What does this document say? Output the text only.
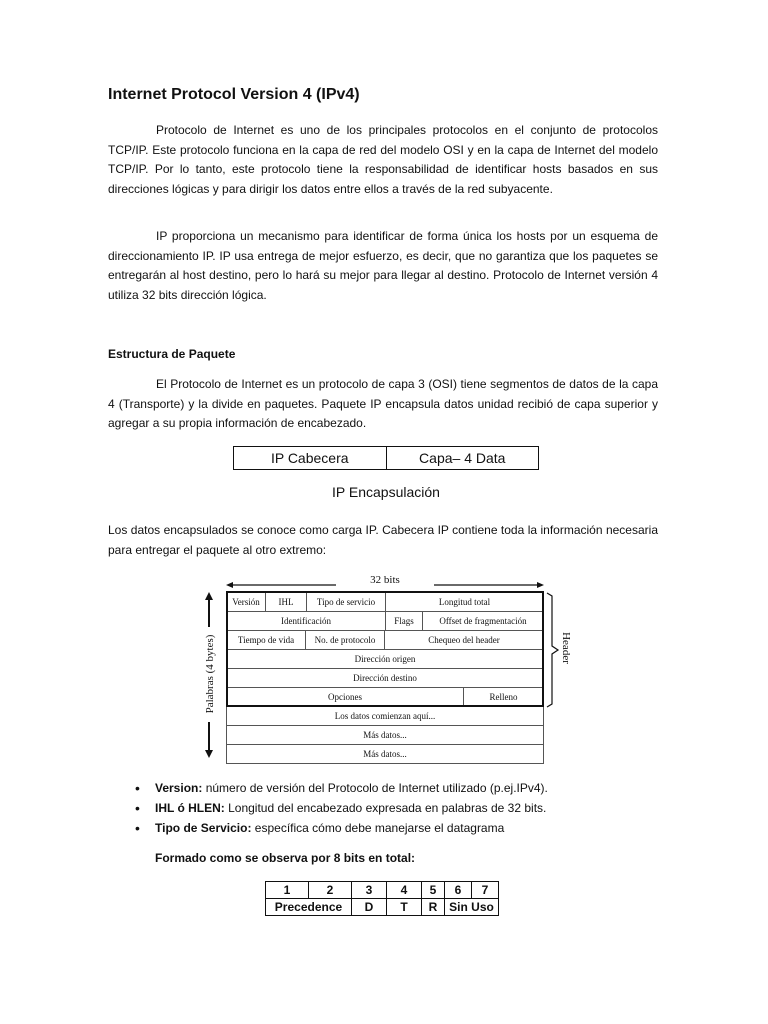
Internet Protocol Version 4 (IPv4)

Protocolo de Internet es uno de los principales protocolos en el conjunto de protocolos TCP/IP. Este protocolo funciona en la capa de red del modelo OSI y en la capa de Internet del modelo TCP/IP. Por lo tanto, este protocolo tiene la responsabilidad de identificar hosts basados en sus direcciones lógicas y para dirigir los datos entre ellos a través de la red subyacente.

IP proporciona un mecanismo para identificar de forma única los hosts por un esquema de direccionamiento IP. IP usa entrega de mejor esfuerzo, es decir, que no garantiza que los paquetes se entregarán al host destino, pero lo hará su mejor para llegar al destino. Protocolo de Internet versión 4 utiliza 32 bits dirección lógica.

Estructura de Paquete

El Protocolo de Internet es un protocolo de capa 3 (OSI) tiene segmentos de datos de la capa 4 (Transporte) y la divide en paquetes. Paquete IP encapsula datos unidad recibió de capa superior y agregar a su propia información de encabezado.

IP Cabecera	Capa– 4 Data
IP Encapsulación

Los datos encapsulados se conoce como carga IP. Cabecera IP contiene toda la información necesaria para entregar el paquete al otro extremo:

32 bits
Palabras (4 bytes)	Header
Versión	IHL	Tipo de servicio	Longitud total
Identificación	Flags	Offset de fragmentación
Tiempo de vida	No. de protocolo	Chequeo del header
Dirección origen
Dirección destino
Opciones	Relleno
Los datos comienzan aquí...
Más datos...
Más datos...
• Version: número de versión del Protocolo de Internet utilizado (p.ej.IPv4).
• IHL ó HLEN: Longitud del encabezado expresada en palabras de 32 bits.
• Tipo de Servicio: específica cómo debe manejarse el datagrama

Formado como se observa por 8 bits en total:

1	2	3	4	5	6	7
Precedence		D	T	R	Sin Uso	
